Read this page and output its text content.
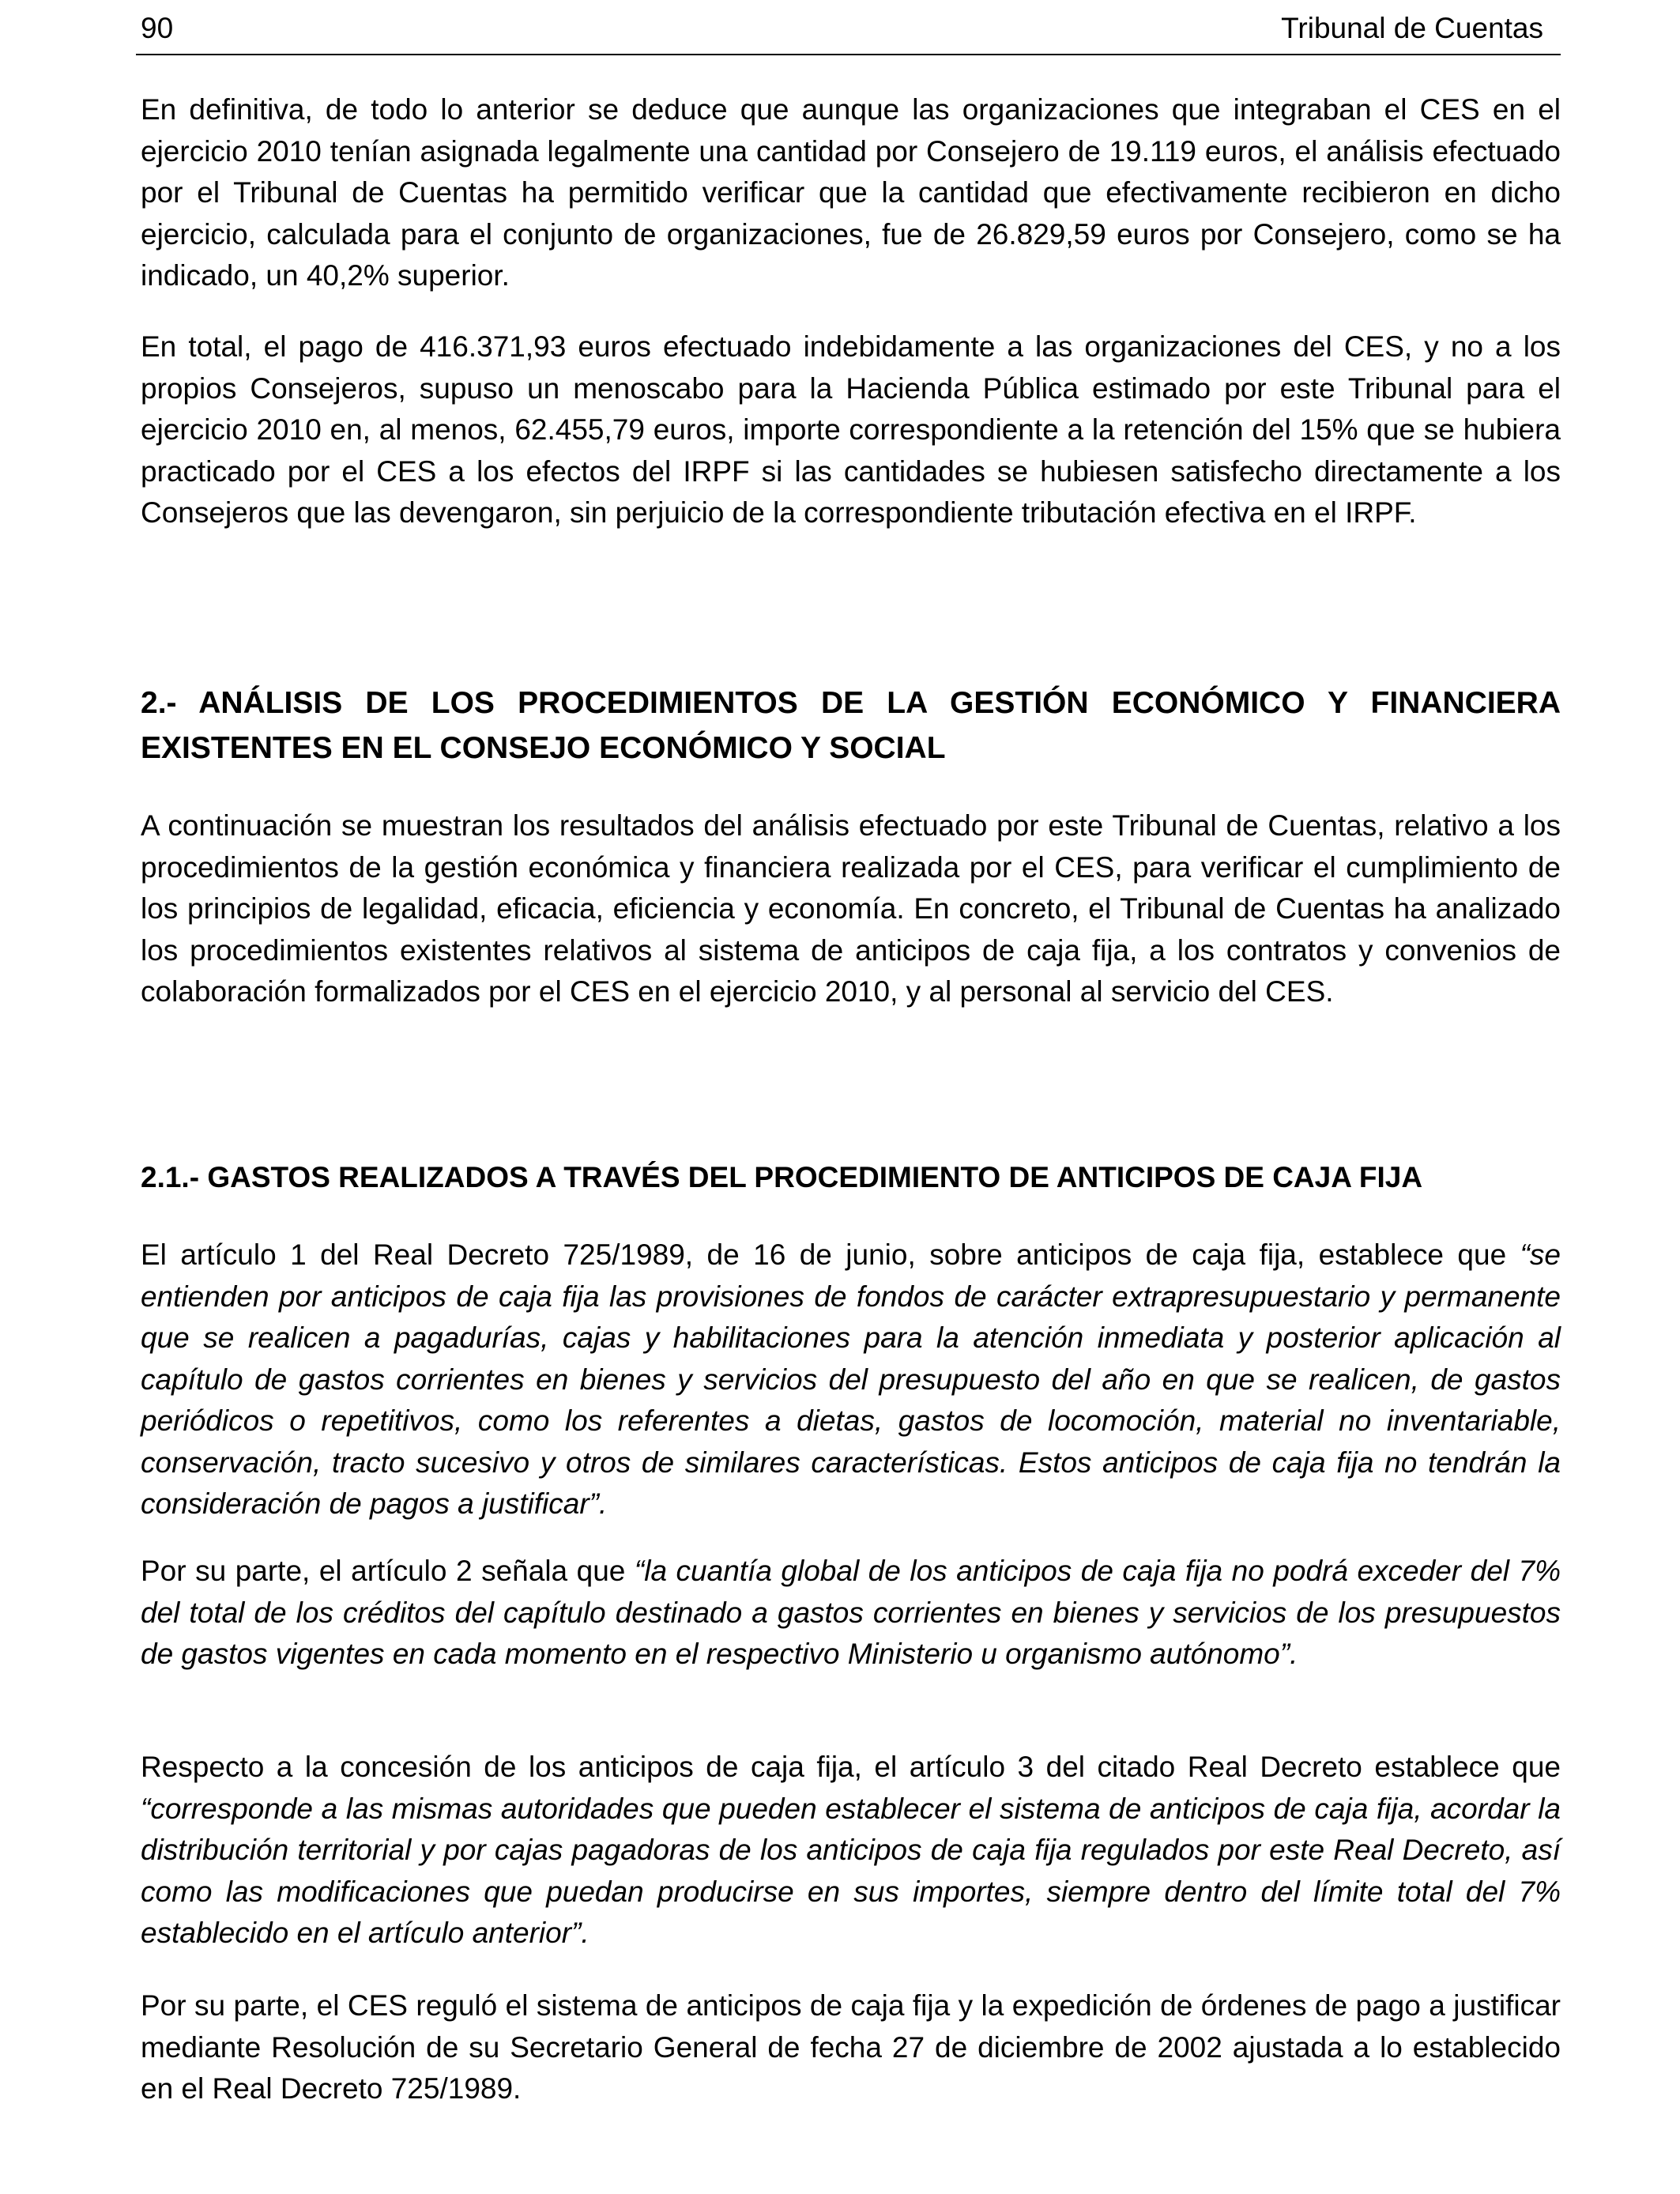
90	Tribunal de Cuentas

En definitiva, de todo lo anterior se deduce que aunque las organizaciones que integraban el CES en el ejercicio 2010 tenían asignada legalmente una cantidad por Consejero de 19.119 euros, el análisis efectuado por el Tribunal de Cuentas ha permitido verificar que la cantidad que efectivamente recibieron en dicho ejercicio, calculada para el conjunto de organizaciones, fue de 26.829,59 euros por Consejero, como se ha indicado, un 40,2% superior.

En total, el pago de 416.371,93 euros efectuado indebidamente a las organizaciones del CES, y no a los propios Consejeros, supuso un menoscabo para la Hacienda Pública estimado por este Tribunal para el ejercicio 2010 en, al menos, 62.455,79 euros, importe correspondiente a la retención del 15% que se hubiera practicado por el CES a los efectos del IRPF si las cantidades se hubiesen satisfecho directamente a los Consejeros que las devengaron, sin perjuicio de la correspondiente tributación efectiva en el IRPF.

2.- ANÁLISIS DE LOS PROCEDIMIENTOS DE LA GESTIÓN ECONÓMICO Y FINANCIERA EXISTENTES EN EL CONSEJO ECONÓMICO Y SOCIAL

A continuación se muestran los resultados del análisis efectuado por este Tribunal de Cuentas, relativo a los procedimientos de la gestión económica y financiera realizada por el CES, para verificar el cumplimiento de los principios de legalidad, eficacia, eficiencia y economía. En concreto, el Tribunal de Cuentas ha analizado los procedimientos existentes relativos al sistema de anticipos de caja fija, a los contratos y convenios de colaboración formalizados por el CES en el ejercicio 2010, y al personal al servicio del CES.

2.1.- GASTOS REALIZADOS A TRAVÉS DEL PROCEDIMIENTO DE ANTICIPOS DE CAJA FIJA

El artículo 1 del Real Decreto 725/1989, de 16 de junio, sobre anticipos de caja fija, establece que “se entienden por anticipos de caja fija las provisiones de fondos de carácter extrapresupuestario y permanente que se realicen a pagadurías, cajas y habilitaciones para la atención inmediata y posterior aplicación al capítulo de gastos corrientes en bienes y servicios del presupuesto del año en que se realicen, de gastos periódicos o repetitivos, como los referentes a dietas, gastos de locomoción, material no inventariable, conservación, tracto sucesivo y otros de similares características. Estos anticipos de caja fija no tendrán la consideración de pagos a justificar”.

Por su parte, el artículo 2 señala que “la cuantía global de los anticipos de caja fija no podrá exceder del 7% del total de los créditos del capítulo destinado a gastos corrientes en bienes y servicios de los presupuestos de gastos vigentes en cada momento en el respectivo Ministerio u organismo autónomo”.

Respecto a la concesión de los anticipos de caja fija, el artículo 3 del citado Real Decreto establece que “corresponde a las mismas autoridades que pueden establecer el sistema de anticipos de caja fija, acordar la distribución territorial y por cajas pagadoras de los anticipos de caja fija regulados por este Real Decreto, así como las modificaciones que puedan producirse en sus importes, siempre dentro del límite total del 7% establecido en el artículo anterior”.

Por su parte, el CES reguló el sistema de anticipos de caja fija y la expedición de órdenes de pago a justificar mediante Resolución de su Secretario General de fecha 27 de diciembre de 2002 ajustada a lo establecido en el Real Decreto 725/1989.
